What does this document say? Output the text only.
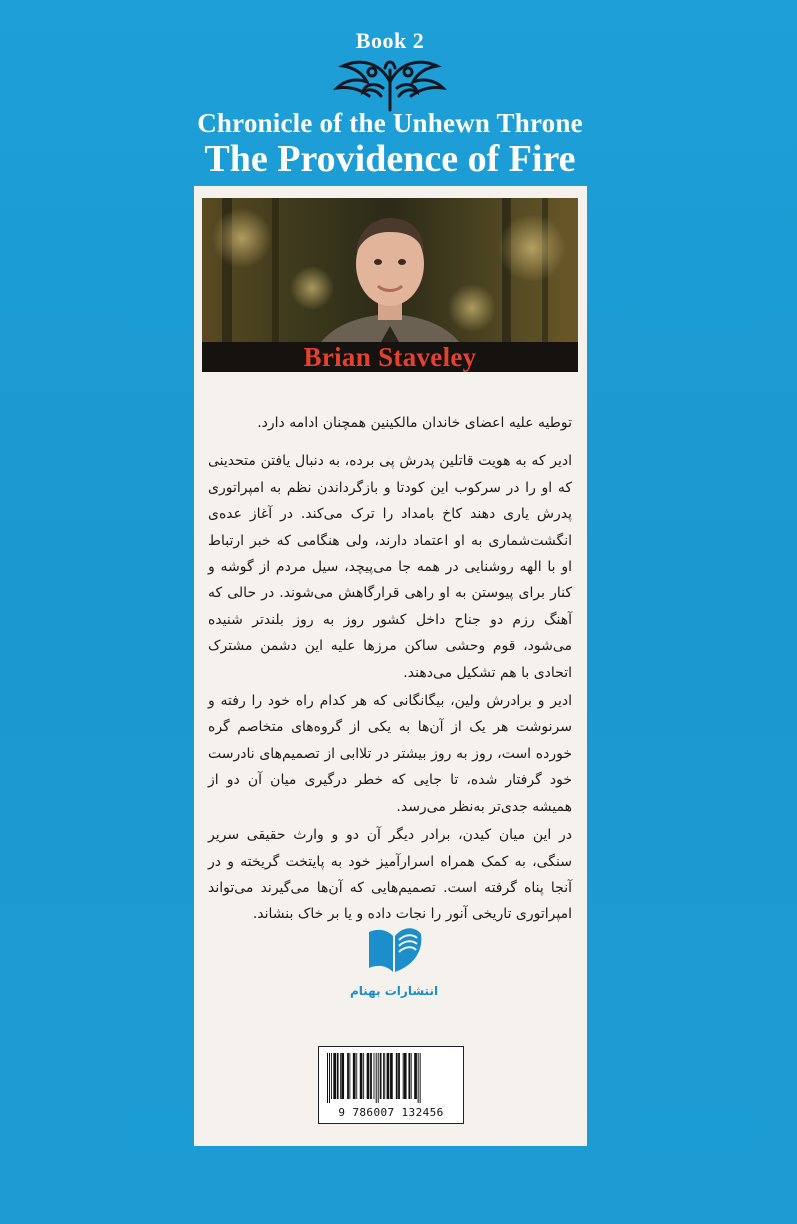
Book 2
Chronicle of the Unhewn Throne
The Providence of Fire
Brian Staveley

توطیه علیه اعضای خاندان مالکینین همچنان ادامه دارد.

ادیر که به هویت قاتلین پدرش پی برده، به دنبال یافتن متحدینی که او را در سرکوب این کودتا و بازگرداندن نظم به امپراتوری پدرش یاری دهند کاخ بامداد را ترک می‌کند. در آغاز عده‌ی انگشت‌شماری به او اعتماد دارند، ولی هنگامی که خبر ارتباط او با الهه روشنایی در همه جا می‌پیچد، سیل مردم از گوشه و کنار برای پیوستن به او راهی قرارگاهش می‌شوند. در حالی که آهنگ رزم دو جناح داخل کشور روز به روز بلندتر شنیده می‌شود، قوم وحشی ساکن مرزها علیه این دشمن مشترک اتحادی با هم تشکیل می‌دهند.

ادیر و برادرش ولین، بیگانگانی که هر کدام راه خود را رفته و سرنوشت هر یک از آن‌ها به یکی از گروه‌های متخاصم گره خورده است، روز به روز بیشتر در تلاابی از تصمیم‌های نادرست خود گرفتار شده، تا جایی که خطر درگیری میان آن دو از همیشه جدی‌تر به‌نظر می‌رسد.

در این میان کیدن، برادر دیگر آن دو و وارث حقیقی سریر سنگی، به کمک همراه اسرارآمیز خود به پایتخت گریخته و در آنجا پناه گرفته است. تصمیم‌هایی که آن‌ها می‌گیرند می‌تواند امپراتوری تاریخی آنور را نجات داده و یا بر خاک بنشاند.

انتشارات بهنام
9 786007 132456
